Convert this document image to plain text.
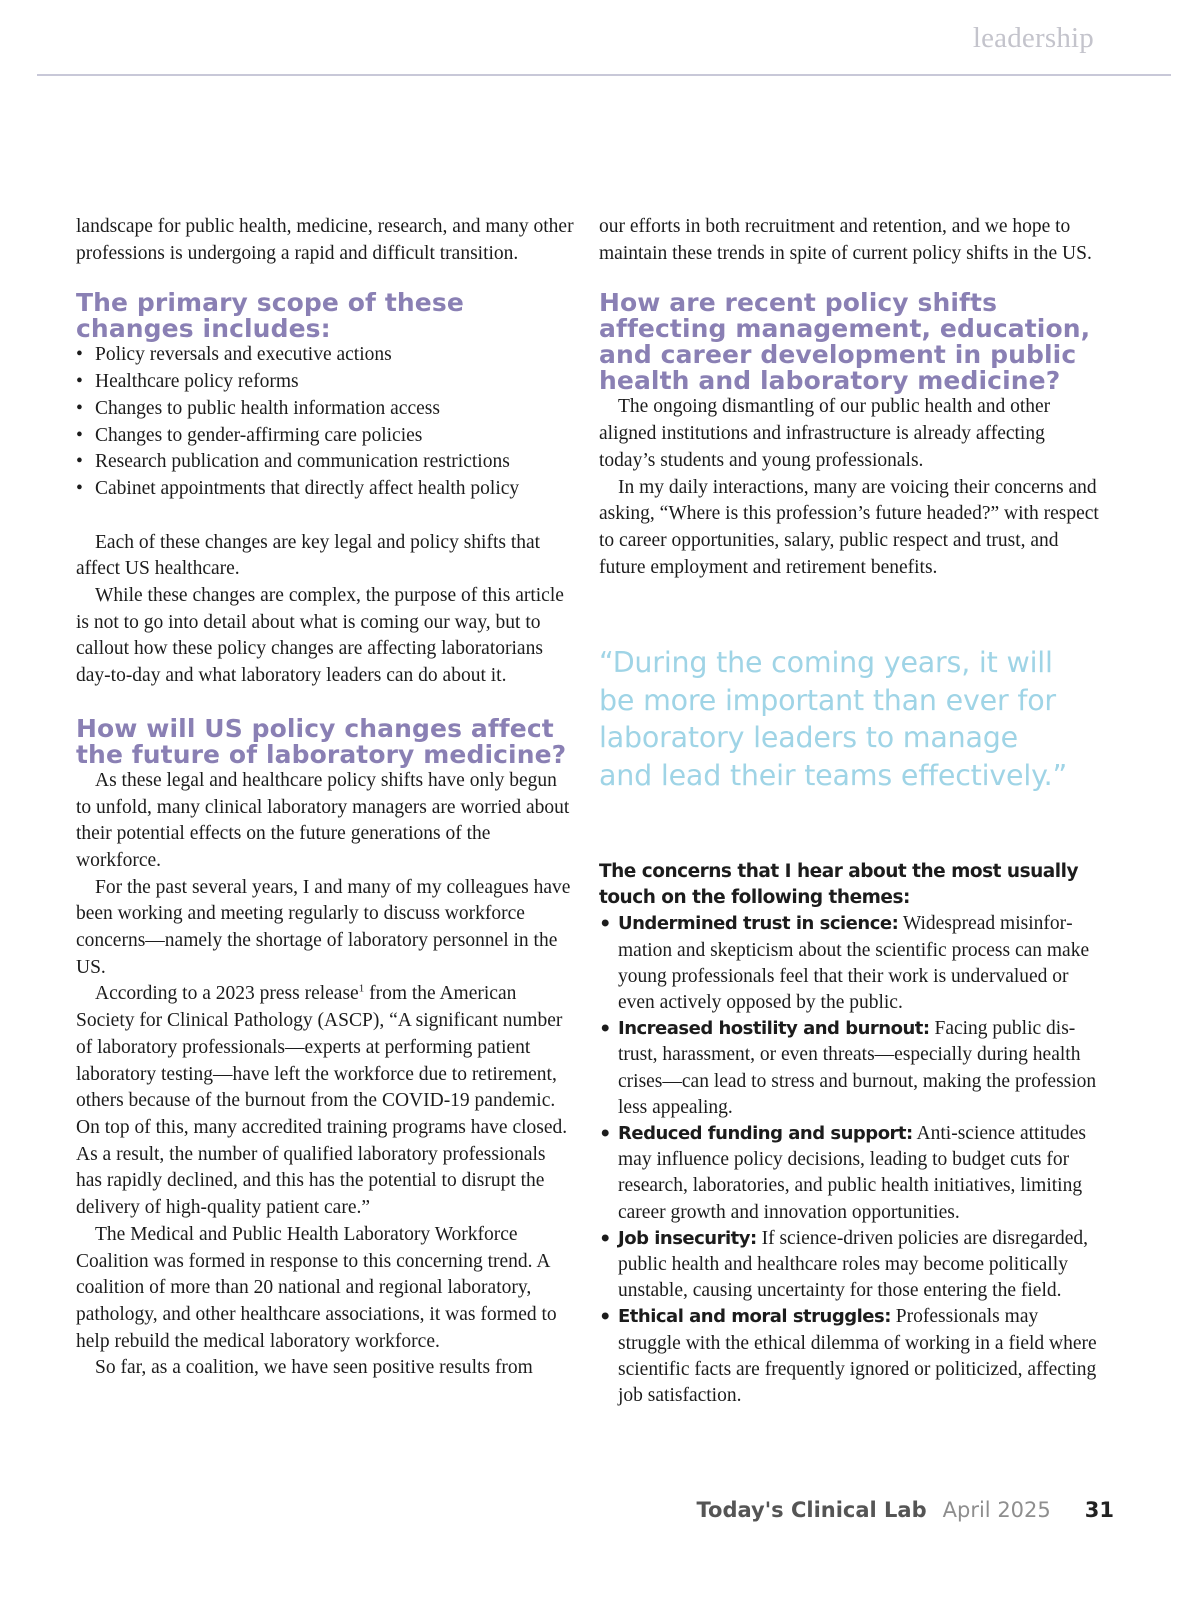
leadership

landscape for public health, medicine, research, and many other professions is undergoing a rapid and difficult transition.

The primary scope of these changes includes:
• Policy reversals and executive actions
• Healthcare policy reforms
• Changes to public health information access
• Changes to gender-affirming care policies
• Research publication and communication restrictions
• Cabinet appointments that directly affect health policy

Each of these changes are key legal and policy shifts that affect US healthcare.

While these changes are complex, the purpose of this article is not to go into detail about what is coming our way, but to callout how these policy changes are affecting laboratorians day-to-day and what laboratory leaders can do about it.

How will US policy changes affect the future of laboratory medicine?

As these legal and healthcare policy shifts have only begun to unfold, many clinical laboratory managers are worried about their potential effects on the future generations of the workforce.

For the past several years, I and many of my colleagues have been working and meeting regularly to discuss workforce concerns—namely the shortage of laboratory personnel in the US.

According to a 2023 press release$^1$ from the American Society for Clinical Pathology (ASCP), “A significant number of laboratory professionals—experts at performing patient laboratory testing—have left the workforce due to retirement, others because of the burnout from the COVID-19 pandemic. On top of this, many accredited training programs have closed. As a result, the number of qualified laboratory professionals has rapidly declined, and this has the potential to disrupt the delivery of high-quality patient care.”

The Medical and Public Health Laboratory Workforce Coalition was formed in response to this concerning trend. A coalition of more than 20 national and regional laboratory, pathology, and other healthcare associations, it was formed to help rebuild the medical laboratory workforce.

So far, as a coalition, we have seen positive results from

our efforts in both recruitment and retention, and we hope to maintain these trends in spite of current policy shifts in the US.

How are recent policy shifts affecting management, education, and career development in public health and laboratory medicine?

The ongoing dismantling of our public health and other aligned institutions and infrastructure is already affecting today’s students and young professionals.

In my daily interactions, many are voicing their concerns and asking, “Where is this profession’s future headed?” with respect to career opportunities, salary, public respect and trust, and future employment and retirement benefits.

“During the coming years, it will be more important than ever for laboratory leaders to manage and lead their teams effectively.”
The concerns that I hear about the most usually touch on the following themes:
• Undermined trust in science: Widespread misinformation and skepticism about the scientific process can make young professionals feel that their work is undervalued or even actively opposed by the public.
• Increased hostility and burnout: Facing public distrust, harassment, or even threats—especially during health crises—can lead to stress and burnout, making the profession less appealing.
• Reduced funding and support: Anti-science attitudes may influence policy decisions, leading to budget cuts for research, laboratories, and public health initiatives, limiting career growth and innovation opportunities.
• Job insecurity: If science-driven policies are disregarded, public health and healthcare roles may become politically unstable, causing uncertainty for those entering the field.
• Ethical and moral struggles: Professionals may struggle with the ethical dilemma of working in a field where scientific facts are frequently ignored or politicized, affecting job satisfaction.
Today's Clinical Lab April 2025 31
